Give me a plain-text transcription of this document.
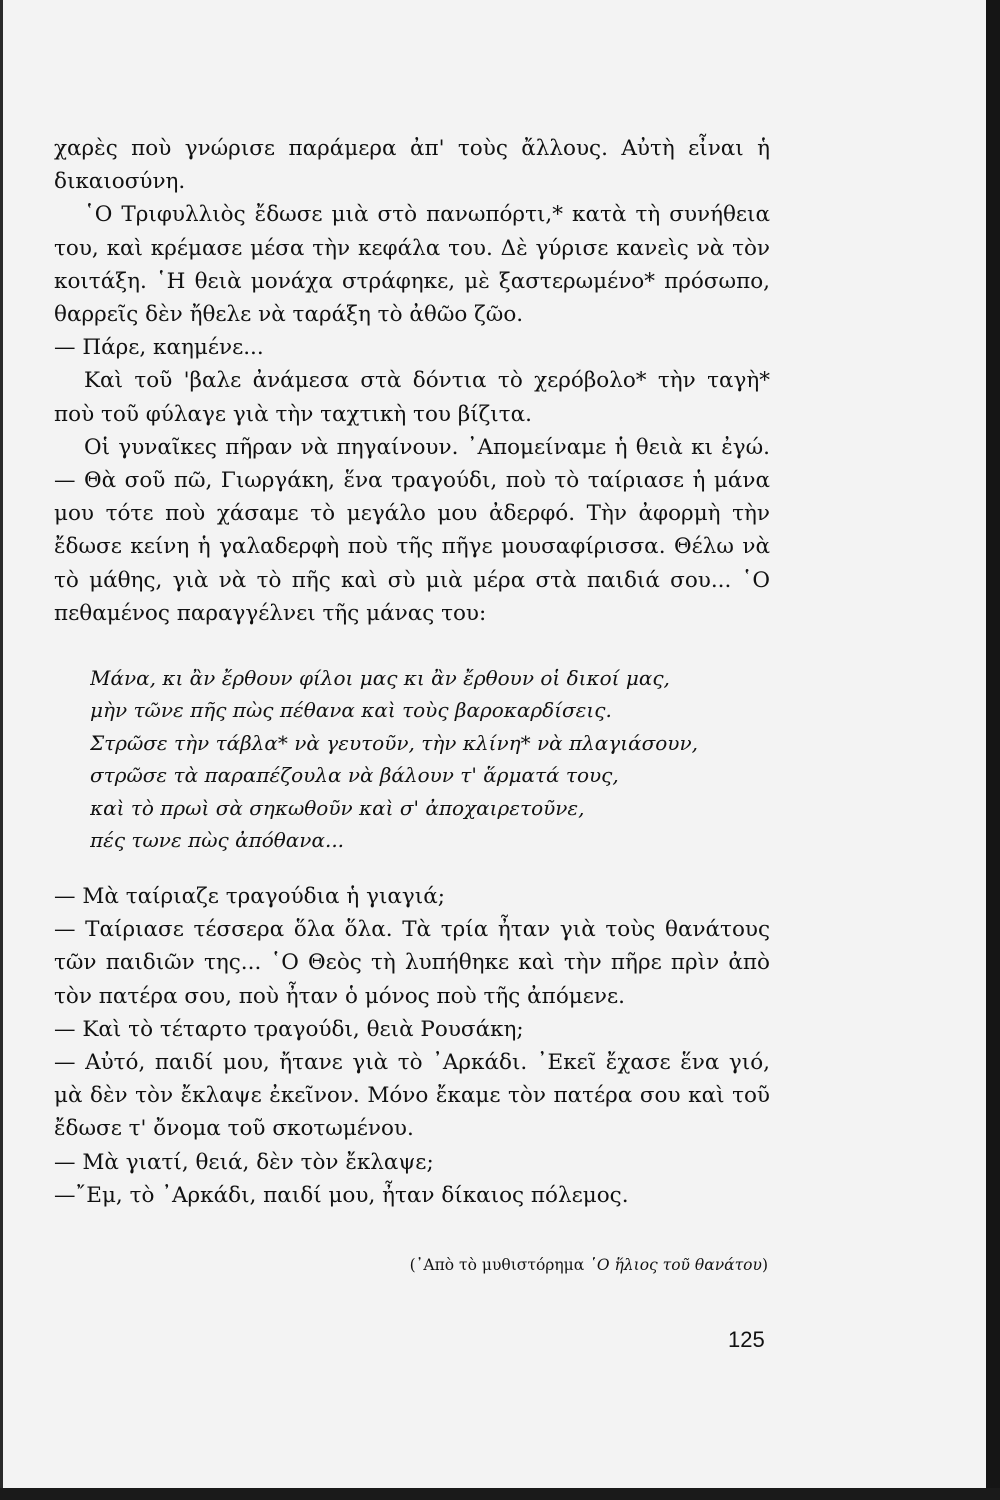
χαρὲς ποὺ γνώρισε παράμερα ἀπ' τοὺς ἄλλους. Αὐτὴ εἶναι ἡ
δικαιοσύνη.
῾Ο Τριφυλλιὸς ἔδωσε μιὰ στὸ πανωπόρτι,* κατὰ τὴ συνήθεια
του, καὶ κρέμασε μέσα τὴν κεφάλα του. Δὲ γύρισε κανεὶς νὰ τὸν
κοιτάξη. ῾Η θειὰ μονάχα στράφηκε, μὲ ξαστερωμένο* πρόσωπο,
θαρρεῖς δὲν ἤθελε νὰ ταράξη τὸ ἀθῶο ζῶο.
— Πάρε, καημένε...
Καὶ τοῦ 'βαλε ἀνάμεσα στὰ δόντια τὸ χερόβολο* τὴν ταγὴ*
ποὺ τοῦ φύλαγε γιὰ τὴν ταχτικὴ του βίζιτα.
Οἱ γυναῖκες πῆραν νὰ πηγαίνουν. ᾿Απομείναμε ἡ θειὰ κι ἐγώ.
— Θὰ σοῦ πῶ, Γιωργάκη, ἕνα τραγούδι, ποὺ τὸ ταίριασε ἡ μάνα
μου τότε ποὺ χάσαμε τὸ μεγάλο μου ἀδερφό. Τὴν ἀφορμὴ τὴν
ἔδωσε κείνη ἡ γαλαδερφὴ ποὺ τῆς πῆγε μουσαφίρισσα. Θέλω νὰ
τὸ μάθης, γιὰ νὰ τὸ πῆς καὶ σὺ μιὰ μέρα στὰ παιδιά σου... ῾Ο
πεθαμένος παραγγέλνει τῆς μάνας του:
Μάνα, κι ἂν ἔρθουν φίλοι μας κι ἂν ἔρθουν οἱ δικοί μας,
μὴν τῶνε πῆς πὼς πέθανα καὶ τοὺς βαροκαρδίσεις.
Στρῶσε τὴν τάβλα* νὰ γευτοῦν, τὴν κλίνη* νὰ πλαγιάσουν,
στρῶσε τὰ παραπέζουλα νὰ βάλουν τ' ἅρματά τους,
καὶ τὸ πρωὶ σὰ σηκωθοῦν καὶ σ' ἀποχαιρετοῦνε,
πές τωνε πὼς ἀπόθανα...
— Μὰ ταίριαζε τραγούδια ἡ γιαγιά;
— Ταίριασε τέσσερα ὅλα ὅλα. Τὰ τρία ἦταν γιὰ τοὺς θανάτους
τῶν παιδιῶν της... ῾Ο Θεὸς τὴ λυπήθηκε καὶ τὴν πῆρε πρὶν ἀπὸ
τὸν πατέρα σου, ποὺ ἦταν ὁ μόνος ποὺ τῆς ἀπόμενε.
— Καὶ τὸ τέταρτο τραγούδι, θειὰ Ρουσάκη;
— Αὐτό, παιδί μου, ἤτανε γιὰ τὸ ᾿Αρκάδι. ᾿Εκεῖ ἔχασε ἕνα γιό,
μὰ δὲν τὸν ἔκλαψε ἐκεῖνον. Μόνο ἔκαμε τὸν πατέρα σου καὶ τοῦ
ἔδωσε τ' ὄνομα τοῦ σκοτωμένου.
— Μὰ γιατί, θειά, δὲν τὸν ἔκλαψε;
—῎Εμ, τὸ ᾿Αρκάδι, παιδί μου, ἦταν δίκαιος πόλεμος.
(᾿Απὸ τὸ μυθιστόρημα ῾Ο ἥλιος τοῦ θανάτου)
125
